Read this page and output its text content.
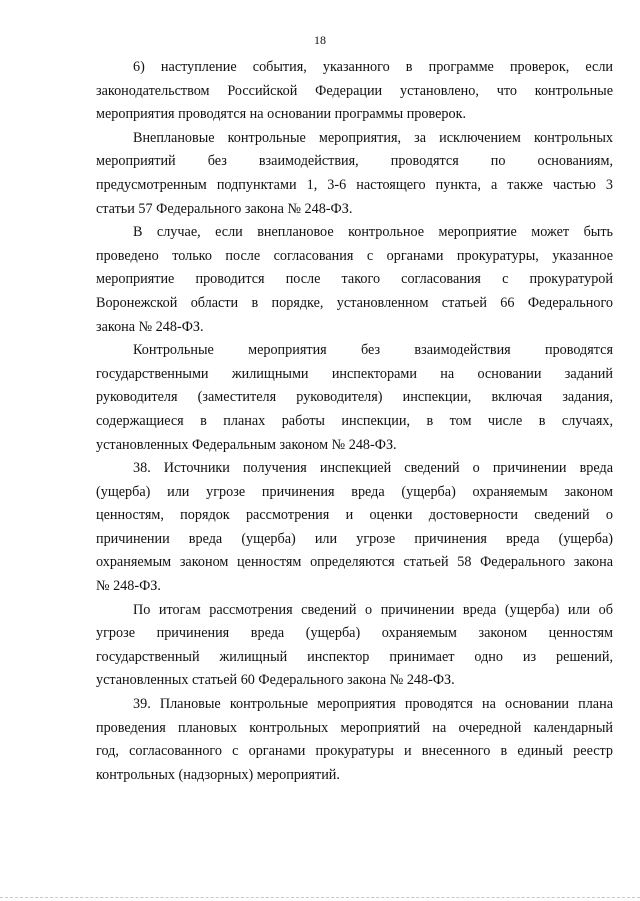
18

6) наступление события, указанного в программе проверок, если
законодательством Российской Федерации установлено, что контрольные
мероприятия проводятся на основании программы проверок.

Внеплановые контрольные мероприятия, за исключением контрольных
мероприятий без взаимодействия, проводятся по основаниям,
предусмотренным подпунктами 1, 3-6 настоящего пункта, а также частью 3
статьи 57 Федерального закона № 248-ФЗ.

В случае, если внеплановое контрольное мероприятие может быть
проведено только после согласования с органами прокуратуры, указанное
мероприятие проводится после такого согласования с прокуратурой
Воронежской области в порядке, установленном статьей 66 Федерального
закона № 248-ФЗ.

Контрольные мероприятия без взаимодействия проводятся
государственными жилищными инспекторами на основании заданий
руководителя (заместителя руководителя) инспекции, включая задания,
содержащиеся в планах работы инспекции, в том числе в случаях,
установленных Федеральным законом № 248-ФЗ.

38. Источники получения инспекцией сведений о причинении вреда
(ущерба) или угрозе причинения вреда (ущерба) охраняемым законом
ценностям, порядок рассмотрения и оценки достоверности сведений о
причинении вреда (ущерба) или угрозе причинения вреда (ущерба)
охраняемым законом ценностям определяются статьей 58 Федерального закона
№ 248-ФЗ.

По итогам рассмотрения сведений о причинении вреда (ущерба) или об
угрозе причинения вреда (ущерба) охраняемым законом ценностям
государственный жилищный инспектор принимает одно из решений,
установленных статьей 60 Федерального закона № 248-ФЗ.

39. Плановые контрольные мероприятия проводятся на основании плана
проведения плановых контрольных мероприятий на очередной календарный
год, согласованного с органами прокуратуры и внесенного в единый реестр
контрольных (надзорных) мероприятий.
